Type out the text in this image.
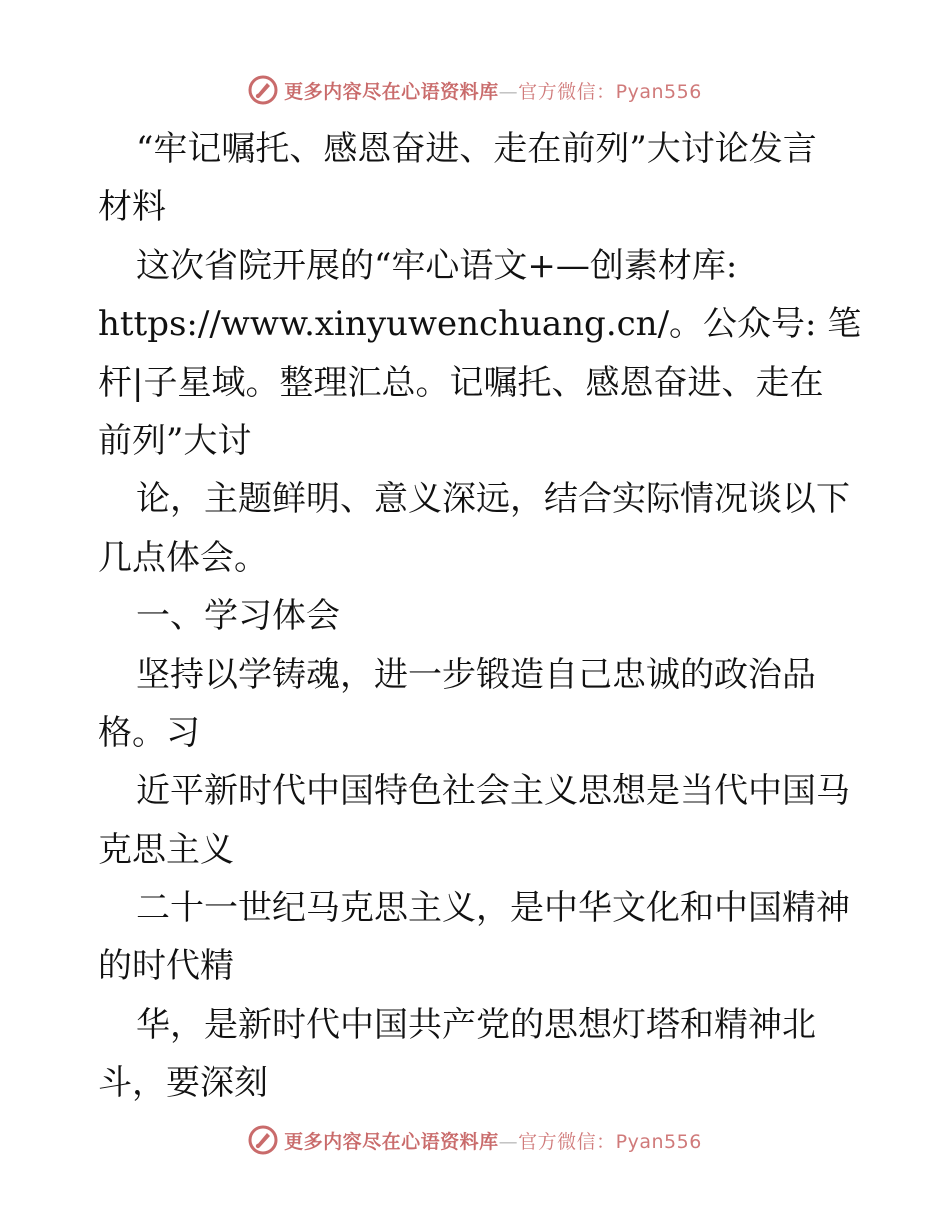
更多内容尽在心语资料库—官方微信：Pyan556
“牢记嘱托、感恩奋进、走在前列”大讨论发言
材料
这次省院开展的“牢心语文+—创素材库:
https://www.xinyuwenchuang.cn/。公众号: 笔
杆|子星域。整理汇总。记嘱托、感恩奋进、走在
前列”大讨
论，主题鲜明、意义深远，结合实际情况谈以下
几点体会。
一、学习体会
坚持以学铸魂，进一步锻造自己忠诚的政治品
格。习
近平新时代中国特色社会主义思想是当代中国马
克思主义
二十一世纪马克思主义，是中华文化和中国精神
的时代精
华，是新时代中国共产党的思想灯塔和精神北
斗，要深刻
更多内容尽在心语资料库—官方微信：Pyan556
